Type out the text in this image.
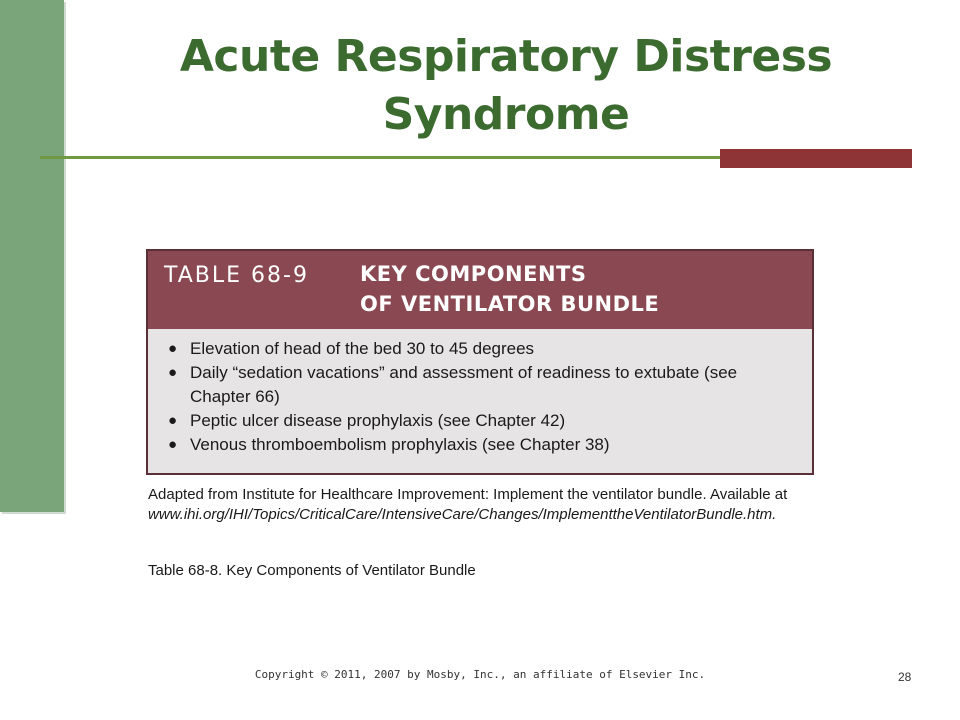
Acute Respiratory Distress Syndrome
TABLE 68-9 KEY COMPONENTS
OF VENTILATOR BUNDLE
● Elevation of head of the bed 30 to 45 degrees
● Daily “sedation vacations” and assessment of readiness to extubate (see Chapter 66)
● Peptic ulcer disease prophylaxis (see Chapter 42)
● Venous thromboembolism prophylaxis (see Chapter 38)
Adapted from Institute for Healthcare Improvement: Implement the ventilator bundle. Available at www.ihi.org/IHI/Topics/CriticalCare/IntensiveCare/Changes/ImplementtheVentilatorBundle.htm.
Table 68-8. Key Components of Ventilator Bundle
Copyright © 2011, 2007 by Mosby, Inc., an affiliate of Elsevier Inc.	28
